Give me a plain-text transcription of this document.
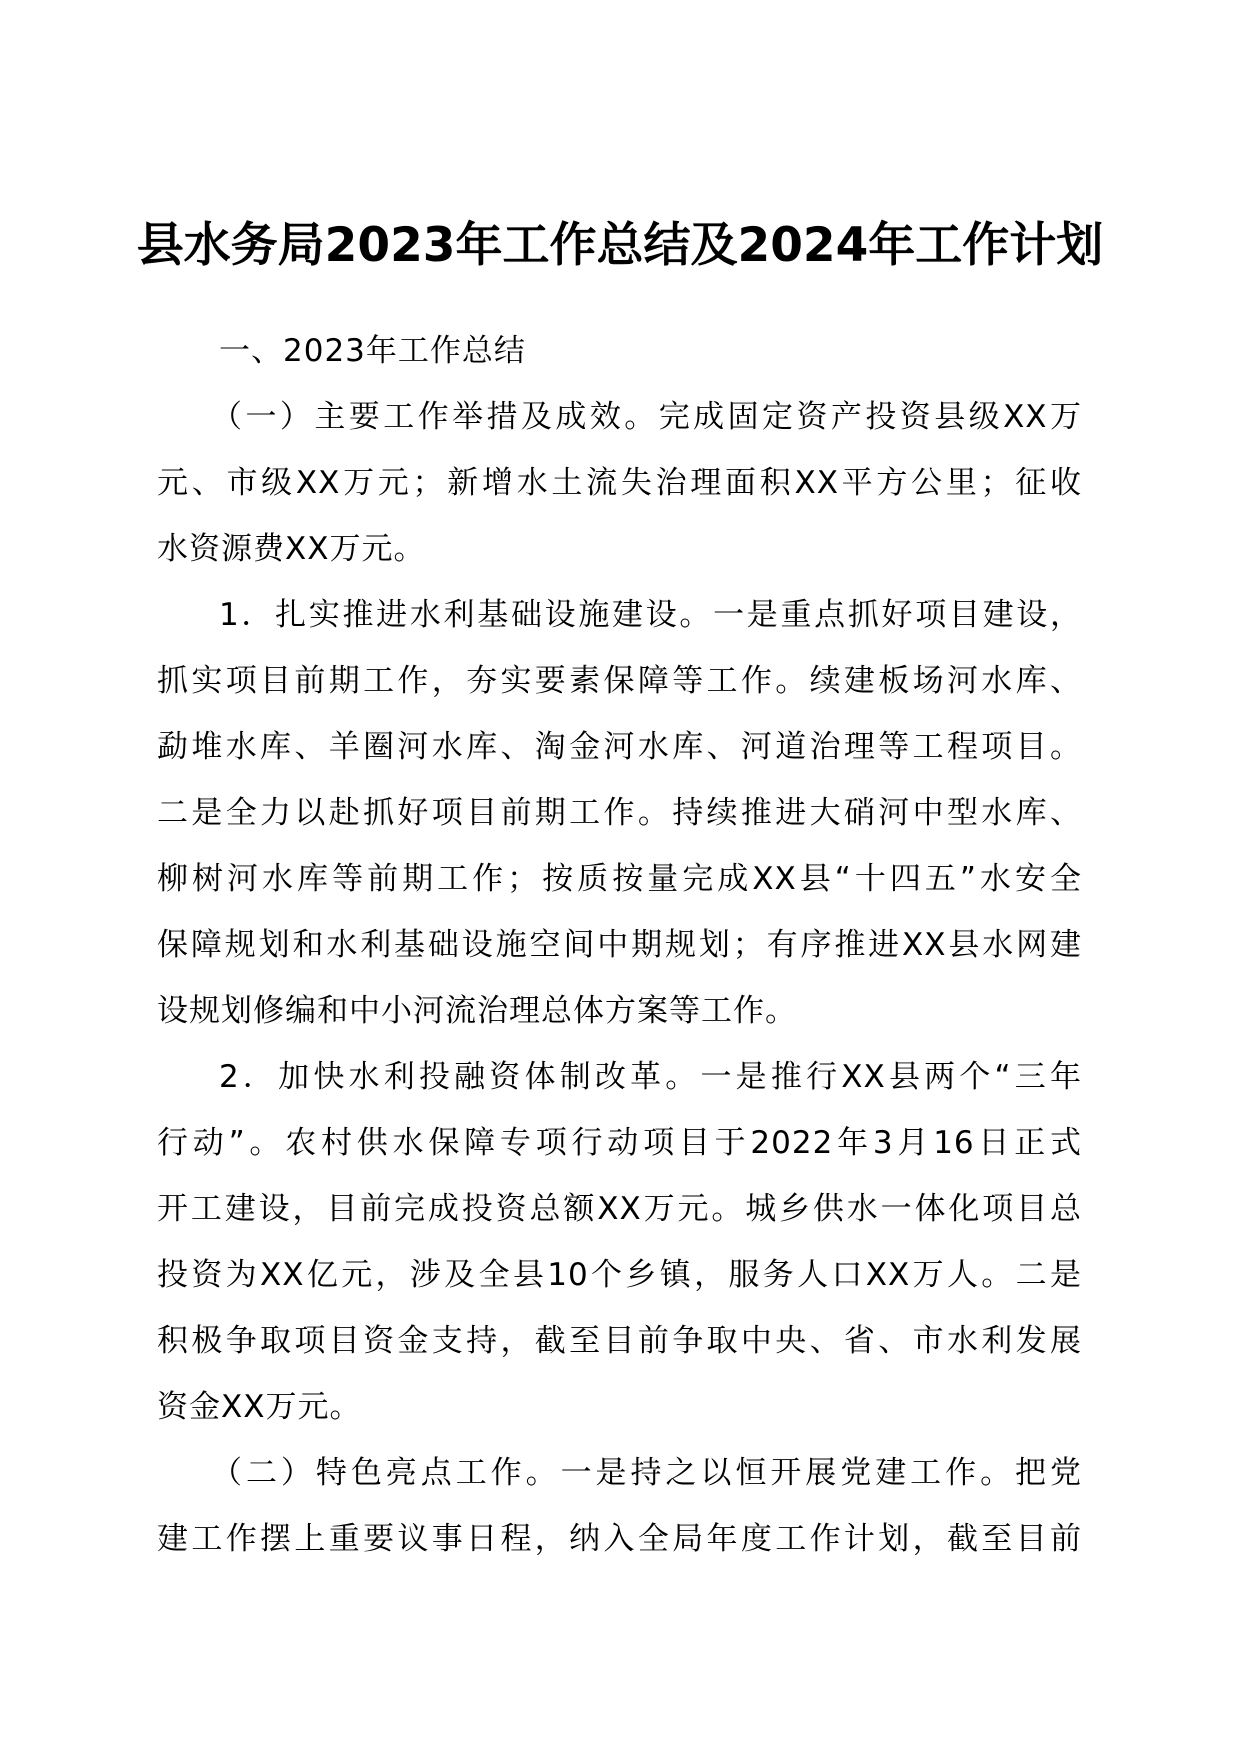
县水务局2023年工作总结及2024年工作计划
一、2023年工作总结
（一）主要工作举措及成效。完成固定资产投资县级XX万
元、市级XX万元；新增水土流失治理面积XX平方公里；征收
水资源费XX万元。
1．扎实推进水利基础设施建设。一是重点抓好项目建设，
抓实项目前期工作，夯实要素保障等工作。续建板场河水库、
勐堆水库、羊圈河水库、淘金河水库、河道治理等工程项目。
二是全力以赴抓好项目前期工作。持续推进大硝河中型水库、
柳树河水库等前期工作；按质按量完成XX县“十四五”水安全
保障规划和水利基础设施空间中期规划；有序推进XX县水网建
设规划修编和中小河流治理总体方案等工作。
2．加快水利投融资体制改革。一是推行XX县两个“三年
行动”。农村供水保障专项行动项目于2022年3月16日正式
开工建设，目前完成投资总额XX万元。城乡供水一体化项目总
投资为XX亿元，涉及全县10个乡镇，服务人口XX万人。二是
积极争取项目资金支持，截至目前争取中央、省、市水利发展
资金XX万元。
（二）特色亮点工作。一是持之以恒开展党建工作。把党
建工作摆上重要议事日程，纳入全局年度工作计划，截至目前
